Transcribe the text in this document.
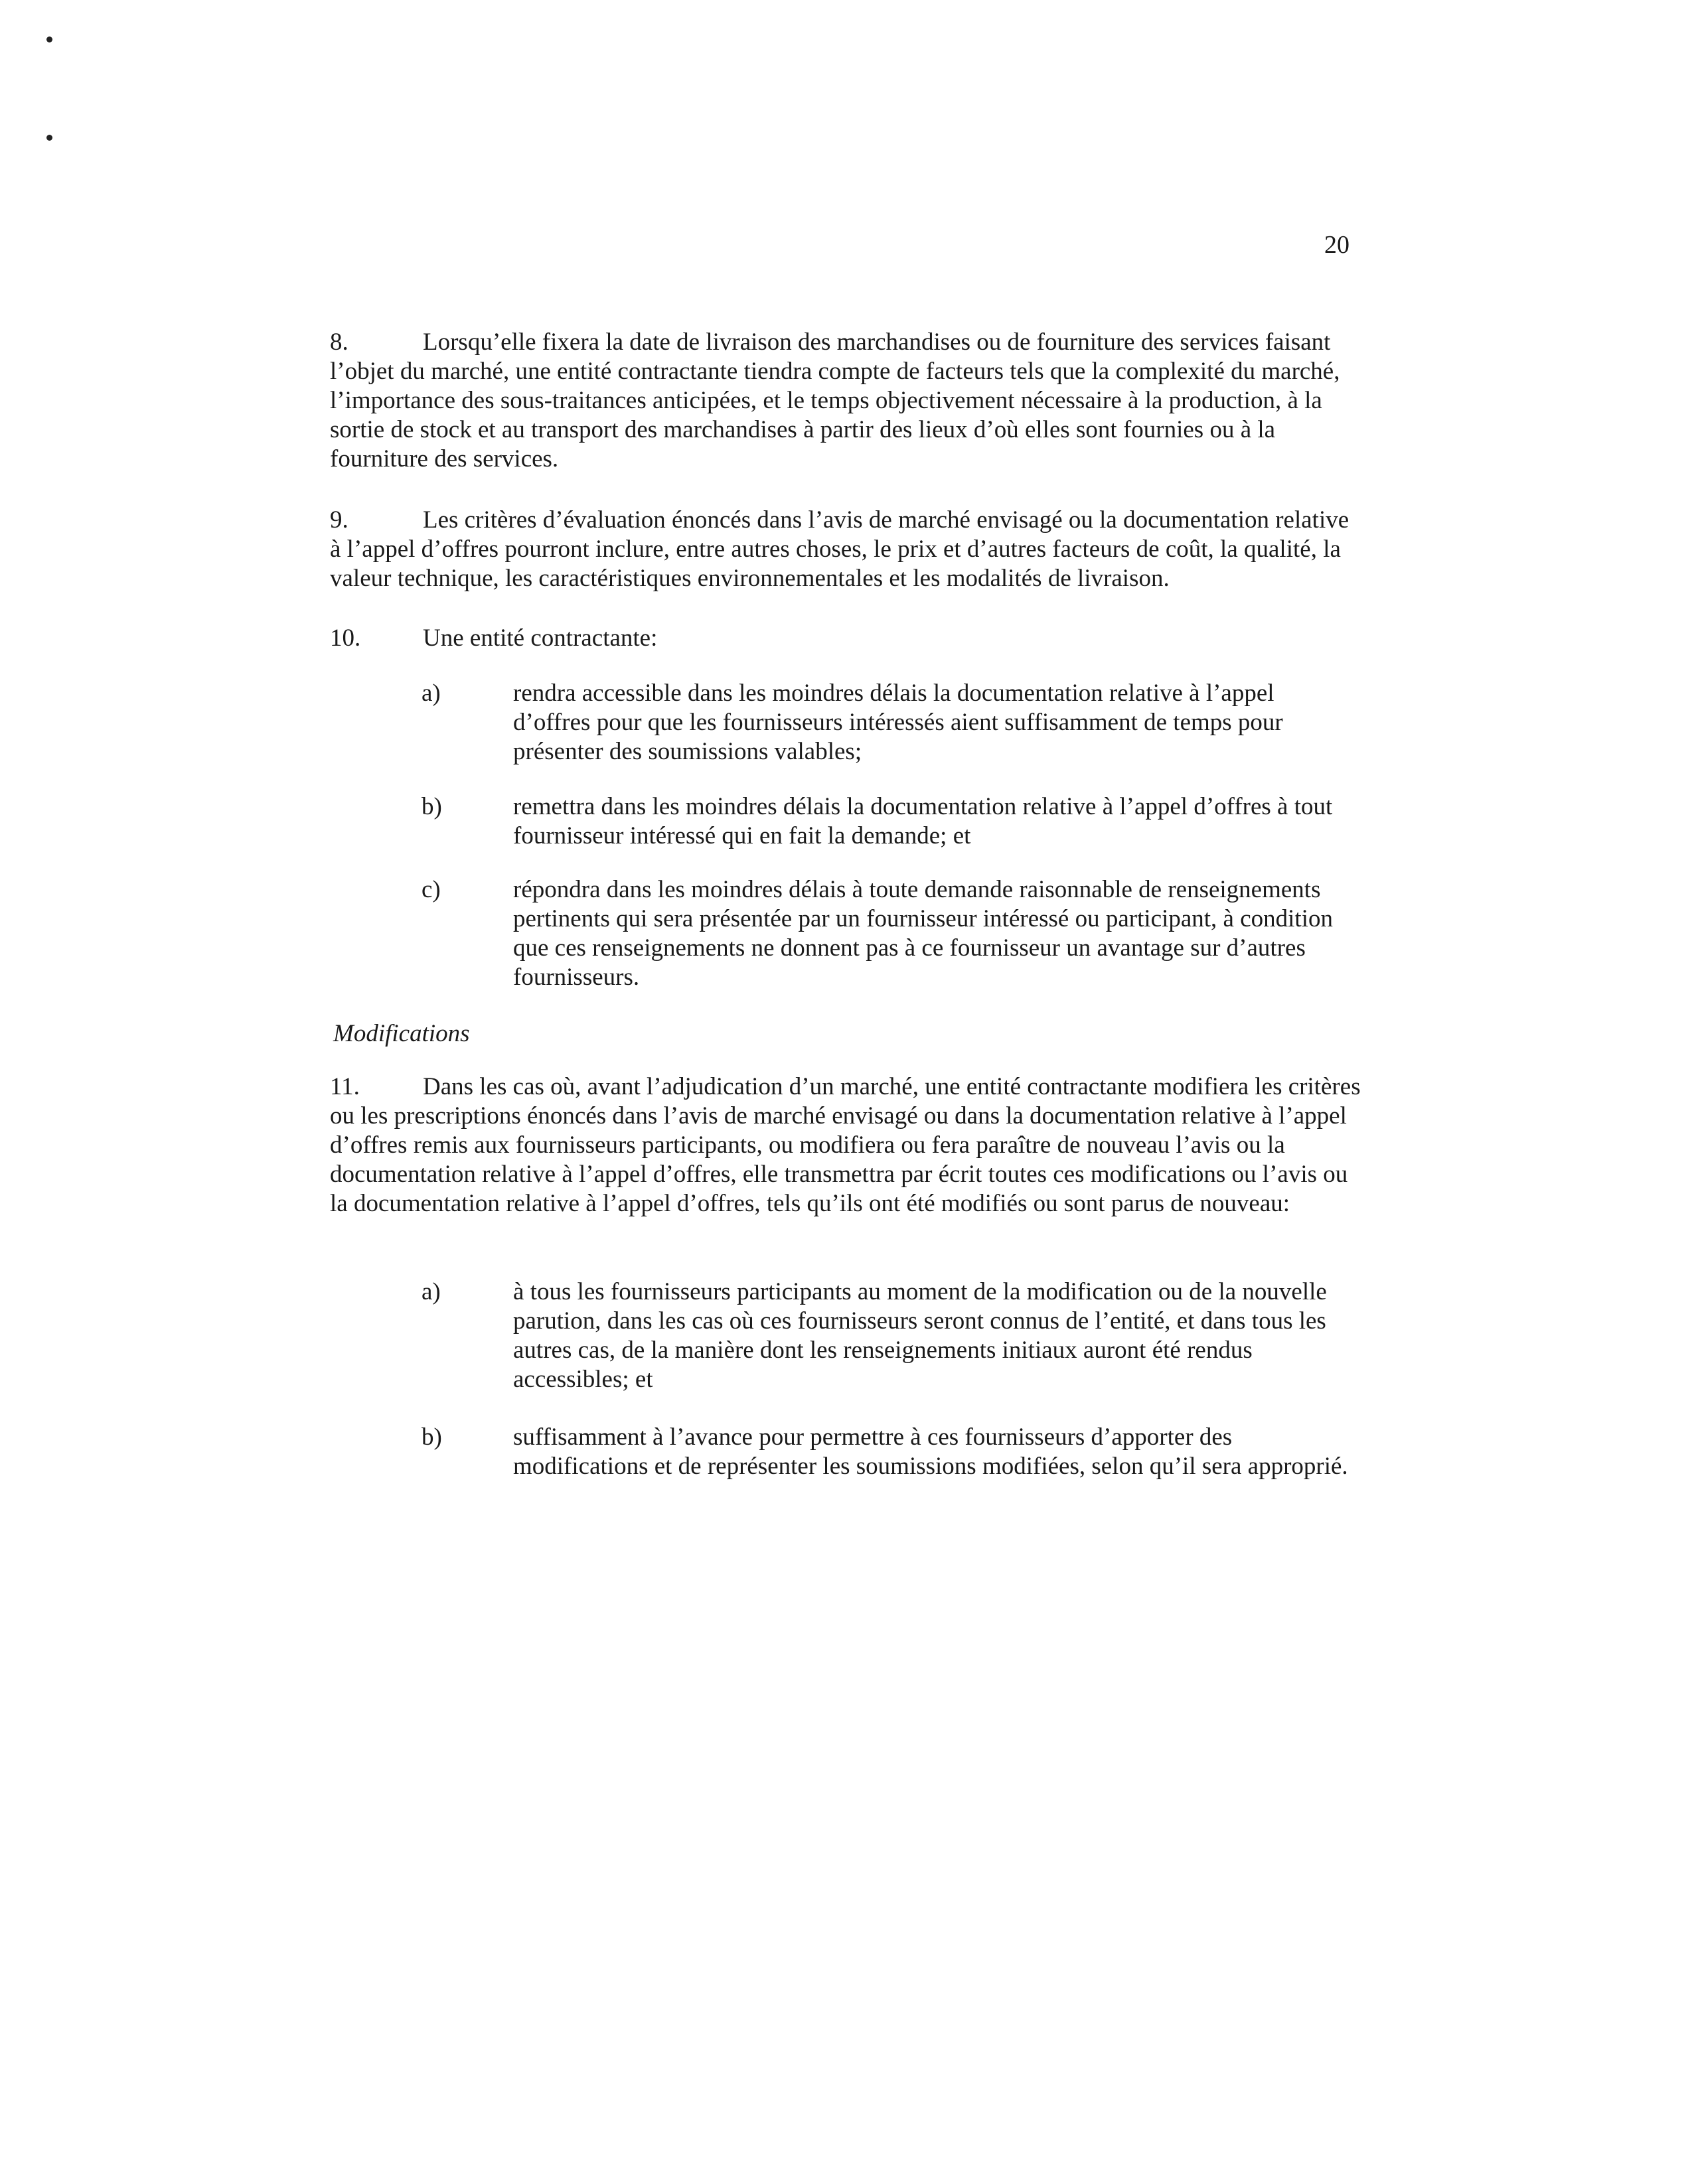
20

8.	Lorsqu’elle fixera la date de livraison des marchandises ou de fourniture des services faisant l’objet du marché, une entité contractante tiendra compte de facteurs tels que la complexité du marché, l’importance des sous-traitances anticipées, et le temps objectivement nécessaire à la production, à la sortie de stock et au transport des marchandises à partir des lieux d’où elles sont fournies ou à la fourniture des services.

9.	Les critères d’évaluation énoncés dans l’avis de marché envisagé ou la documentation relative à l’appel d’offres pourront inclure, entre autres choses, le prix et d’autres facteurs de coût, la qualité, la valeur technique, les caractéristiques environnementales et les modalités de livraison.

10.	Une entité contractante:

a)	rendra accessible dans les moindres délais la documentation relative à l’appel d’offres pour que les fournisseurs intéressés aient suffisamment de temps pour présenter des soumissions valables;
b)	remettra dans les moindres délais la documentation relative à l’appel d’offres à tout fournisseur intéressé qui en fait la demande; et
c)	répondra dans les moindres délais à toute demande raisonnable de renseignements pertinents qui sera présentée par un fournisseur intéressé ou participant, à condition que ces renseignements ne donnent pas à ce fournisseur un avantage sur d’autres fournisseurs.
Modifications

11.	Dans les cas où, avant l’adjudication d’un marché, une entité contractante modifiera les critères ou les prescriptions énoncés dans l’avis de marché envisagé ou dans la documentation relative à l’appel d’offres remis aux fournisseurs participants, ou modifiera ou fera paraître de nouveau l’avis ou la documentation relative à l’appel d’offres, elle transmettra par écrit toutes ces modifications ou l’avis ou la documentation relative à l’appel d’offres, tels qu’ils ont été modifiés ou sont parus de nouveau:

a)	à tous les fournisseurs participants au moment de la modification ou de la nouvelle parution, dans les cas où ces fournisseurs seront connus de l’entité, et dans tous les autres cas, de la manière dont les renseignements initiaux auront été rendus accessibles; et
b)	suffisamment à l’avance pour permettre à ces fournisseurs d’apporter des modifications et de représenter les soumissions modifiées, selon qu’il sera approprié.
